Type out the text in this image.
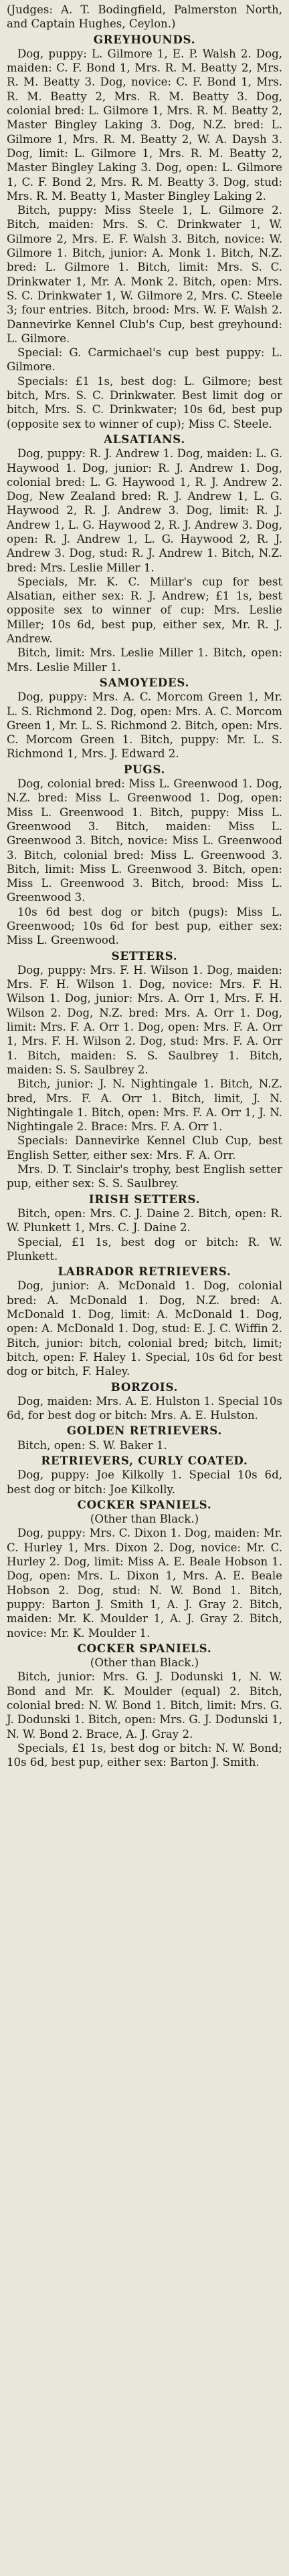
(Judges: A. T. Bodingfield, Palmerston North, and Captain Hughes, Ceylon.)

GREYHOUNDS.

Dog, puppy: L. Gilmore 1, E. P. Walsh 2. Dog, maiden: C. F. Bond 1, Mrs. R. M. Beatty 2, Mrs. R. M. Beatty 3. Dog, novice: C. F. Bond 1, Mrs. R. M. Beatty 2, Mrs. R. M. Beatty 3. Dog, colonial bred: L. Gilmore 1, Mrs. R. M. Beatty 2, Master Bingley Laking 3. Dog, N.Z. bred: L. Gilmore 1, Mrs. R. M. Beatty 2, W. A. Daysh 3. Dog, limit: L. Gilmore 1, Mrs. R. M. Beatty 2, Master Bingley Laking 3. Dog, open: L. Gilmore 1, C. F. Bond 2, Mrs. R. M. Beatty 3. Dog, stud: Mrs. R. M. Beatty 1, Master Bingley Laking 2.

Bitch, puppy: Miss Steele 1, L. Gilmore 2. Bitch, maiden: Mrs. S. C. Drinkwater 1, W. Gilmore 2, Mrs. E. F. Walsh 3. Bitch, novice: W. Gilmore 1. Bitch, junior: A. Monk 1. Bitch, N.Z. bred: L. Gilmore 1. Bitch, limit: Mrs. S. C. Drinkwater 1, Mr. A. Monk 2. Bitch, open: Mrs. S. C. Drinkwater 1, W. Gilmore 2, Mrs. C. Steele 3; four entries. Bitch, brood: Mrs. W. F. Walsh 2. Dannevirke Kennel Club's Cup, best greyhound: L. Gilmore.

Special: G. Carmichael's cup best puppy: L. Gilmore.

Specials: £1 1s, best dog: L. Gilmore; best bitch, Mrs. S. C. Drinkwater. Best limit dog or bitch, Mrs. S. C. Drinkwater; 10s 6d, best pup (opposite sex to winner of cup); Miss C. Steele.

ALSATIANS.

Dog, puppy: R. J. Andrew 1. Dog, maiden: L. G. Haywood 1. Dog, junior: R. J. Andrew 1. Dog, colonial bred: L. G. Haywood 1, R. J. Andrew 2. Dog, New Zealand bred: R. J. Andrew 1, L. G. Haywood 2, R. J. Andrew 3. Dog, limit: R. J. Andrew 1, L. G. Haywood 2, R. J. Andrew 3. Dog, open: R. J. Andrew 1, L. G. Haywood 2, R. J. Andrew 3. Dog, stud: R. J. Andrew 1. Bitch, N.Z. bred: Mrs. Leslie Miller 1.

Specials, Mr. K. C. Millar's cup for best Alsatian, either sex: R. J. Andrew; £1 1s, best opposite sex to winner of cup: Mrs. Leslie Miller; 10s 6d, best pup, either sex, Mr. R. J. Andrew.

Bitch, limit: Mrs. Leslie Miller 1. Bitch, open: Mrs. Leslie Miller 1.

SAMOYEDES.

Dog, puppy: Mrs. A. C. Morcom Green 1, Mr. L. S. Richmond 2. Dog, open: Mrs. A. C. Morcom Green 1, Mr. L. S. Richmond 2. Bitch, open: Mrs. C. Morcom Green 1. Bitch, puppy: Mr. L. S. Richmond 1, Mrs. J. Edward 2.

PUGS.

Dog, colonial bred: Miss L. Greenwood 1. Dog, N.Z. bred: Miss L. Greenwood 1. Dog, open: Miss L. Greenwood 1. Bitch, puppy: Miss L. Greenwood 3. Bitch, maiden: Miss L. Greenwood 3. Bitch, novice: Miss L. Greenwood 3. Bitch, colonial bred: Miss L. Greenwood 3. Bitch, limit: Miss L. Greenwood 3. Bitch, open: Miss L. Greenwood 3. Bitch, brood: Miss L. Greenwood 3.

10s 6d best dog or bitch (pugs): Miss L. Greenwood; 10s 6d for best pup, either sex: Miss L. Greenwood.

SETTERS.

Dog, puppy: Mrs. F. H. Wilson 1. Dog, maiden: Mrs. F. H. Wilson 1. Dog, novice: Mrs. F. H. Wilson 1. Dog, junior: Mrs. A. Orr 1, Mrs. F. H. Wilson 2. Dog, N.Z. bred: Mrs. A. Orr 1. Dog, limit: Mrs. F. A. Orr 1. Dog, open: Mrs. F. A. Orr 1, Mrs. F. H. Wilson 2. Dog, stud: Mrs. F. A. Orr 1. Bitch, maiden: S. S. Saulbrey 1. Bitch, maiden: S. S. Saulbrey 2.

Bitch, junior: J. N. Nightingale 1. Bitch, N.Z. bred, Mrs. F. A. Orr 1. Bitch, limit, J. N. Nightingale 1. Bitch, open: Mrs. F. A. Orr 1, J. N. Nightingale 2. Brace: Mrs. F. A. Orr 1.

Specials: Dannevirke Kennel Club Cup, best English Setter, either sex: Mrs. F. A. Orr.

Mrs. D. T. Sinclair's trophy, best English setter pup, either sex: S. S. Saulbrey.

IRISH SETTERS.

Bitch, open: Mrs. C. J. Daine 2. Bitch, open: R. W. Plunkett 1, Mrs. C. J. Daine 2.

Special, £1 1s, best dog or bitch: R. W. Plunkett.

LABRADOR RETRIEVERS.

Dog, junior: A. McDonald 1. Dog, colonial bred: A. McDonald 1. Dog, N.Z. bred: A. McDonald 1. Dog, limit: A. McDonald 1. Dog, open: A. McDonald 1. Dog, stud: E. J. C. Wiffin 2. Bitch, junior: bitch, colonial bred; bitch, limit; bitch, open: F. Haley 1. Special, 10s 6d for best dog or bitch, F. Haley.

BORZOIS.

Dog, maiden: Mrs. A. E. Hulston 1. Special 10s 6d, for best dog or bitch: Mrs. A. E. Hulston.

GOLDEN RETRIEVERS.

Bitch, open: S. W. Baker 1.

RETRIEVERS, CURLY COATED.

Dog, puppy: Joe Kilkolly 1. Special 10s 6d, best dog or bitch: Joe Kilkolly.

COCKER SPANIELS.
(Other than Black.)

Dog, puppy: Mrs. C. Dixon 1. Dog, maiden: Mr. C. Hurley 1, Mrs. Dixon 2. Dog, novice: Mr. C. Hurley 2. Dog, limit: Miss A. E. Beale Hobson 1. Dog, open: Mrs. L. Dixon 1, Mrs. A. E. Beale Hobson 2. Dog, stud: N. W. Bond 1. Bitch, puppy: Barton J. Smith 1, A. J. Gray 2. Bitch, maiden: Mr. K. Moulder 1, A. J. Gray 2. Bitch, novice: Mr. K. Moulder 1.

COCKER SPANIELS.
(Other than Black.)

Bitch, junior: Mrs. G. J. Dodunski 1, N. W. Bond and Mr. K. Moulder (equal) 2. Bitch, colonial bred: N. W. Bond 1. Bitch, limit: Mrs. G. J. Dodunski 1. Bitch, open: Mrs. G. J. Dodunski 1, N. W. Bond 2. Brace, A. J. Gray 2.

Specials, £1 1s, best dog or bitch: N. W. Bond; 10s 6d, best pup, either sex: Barton J. Smith.
